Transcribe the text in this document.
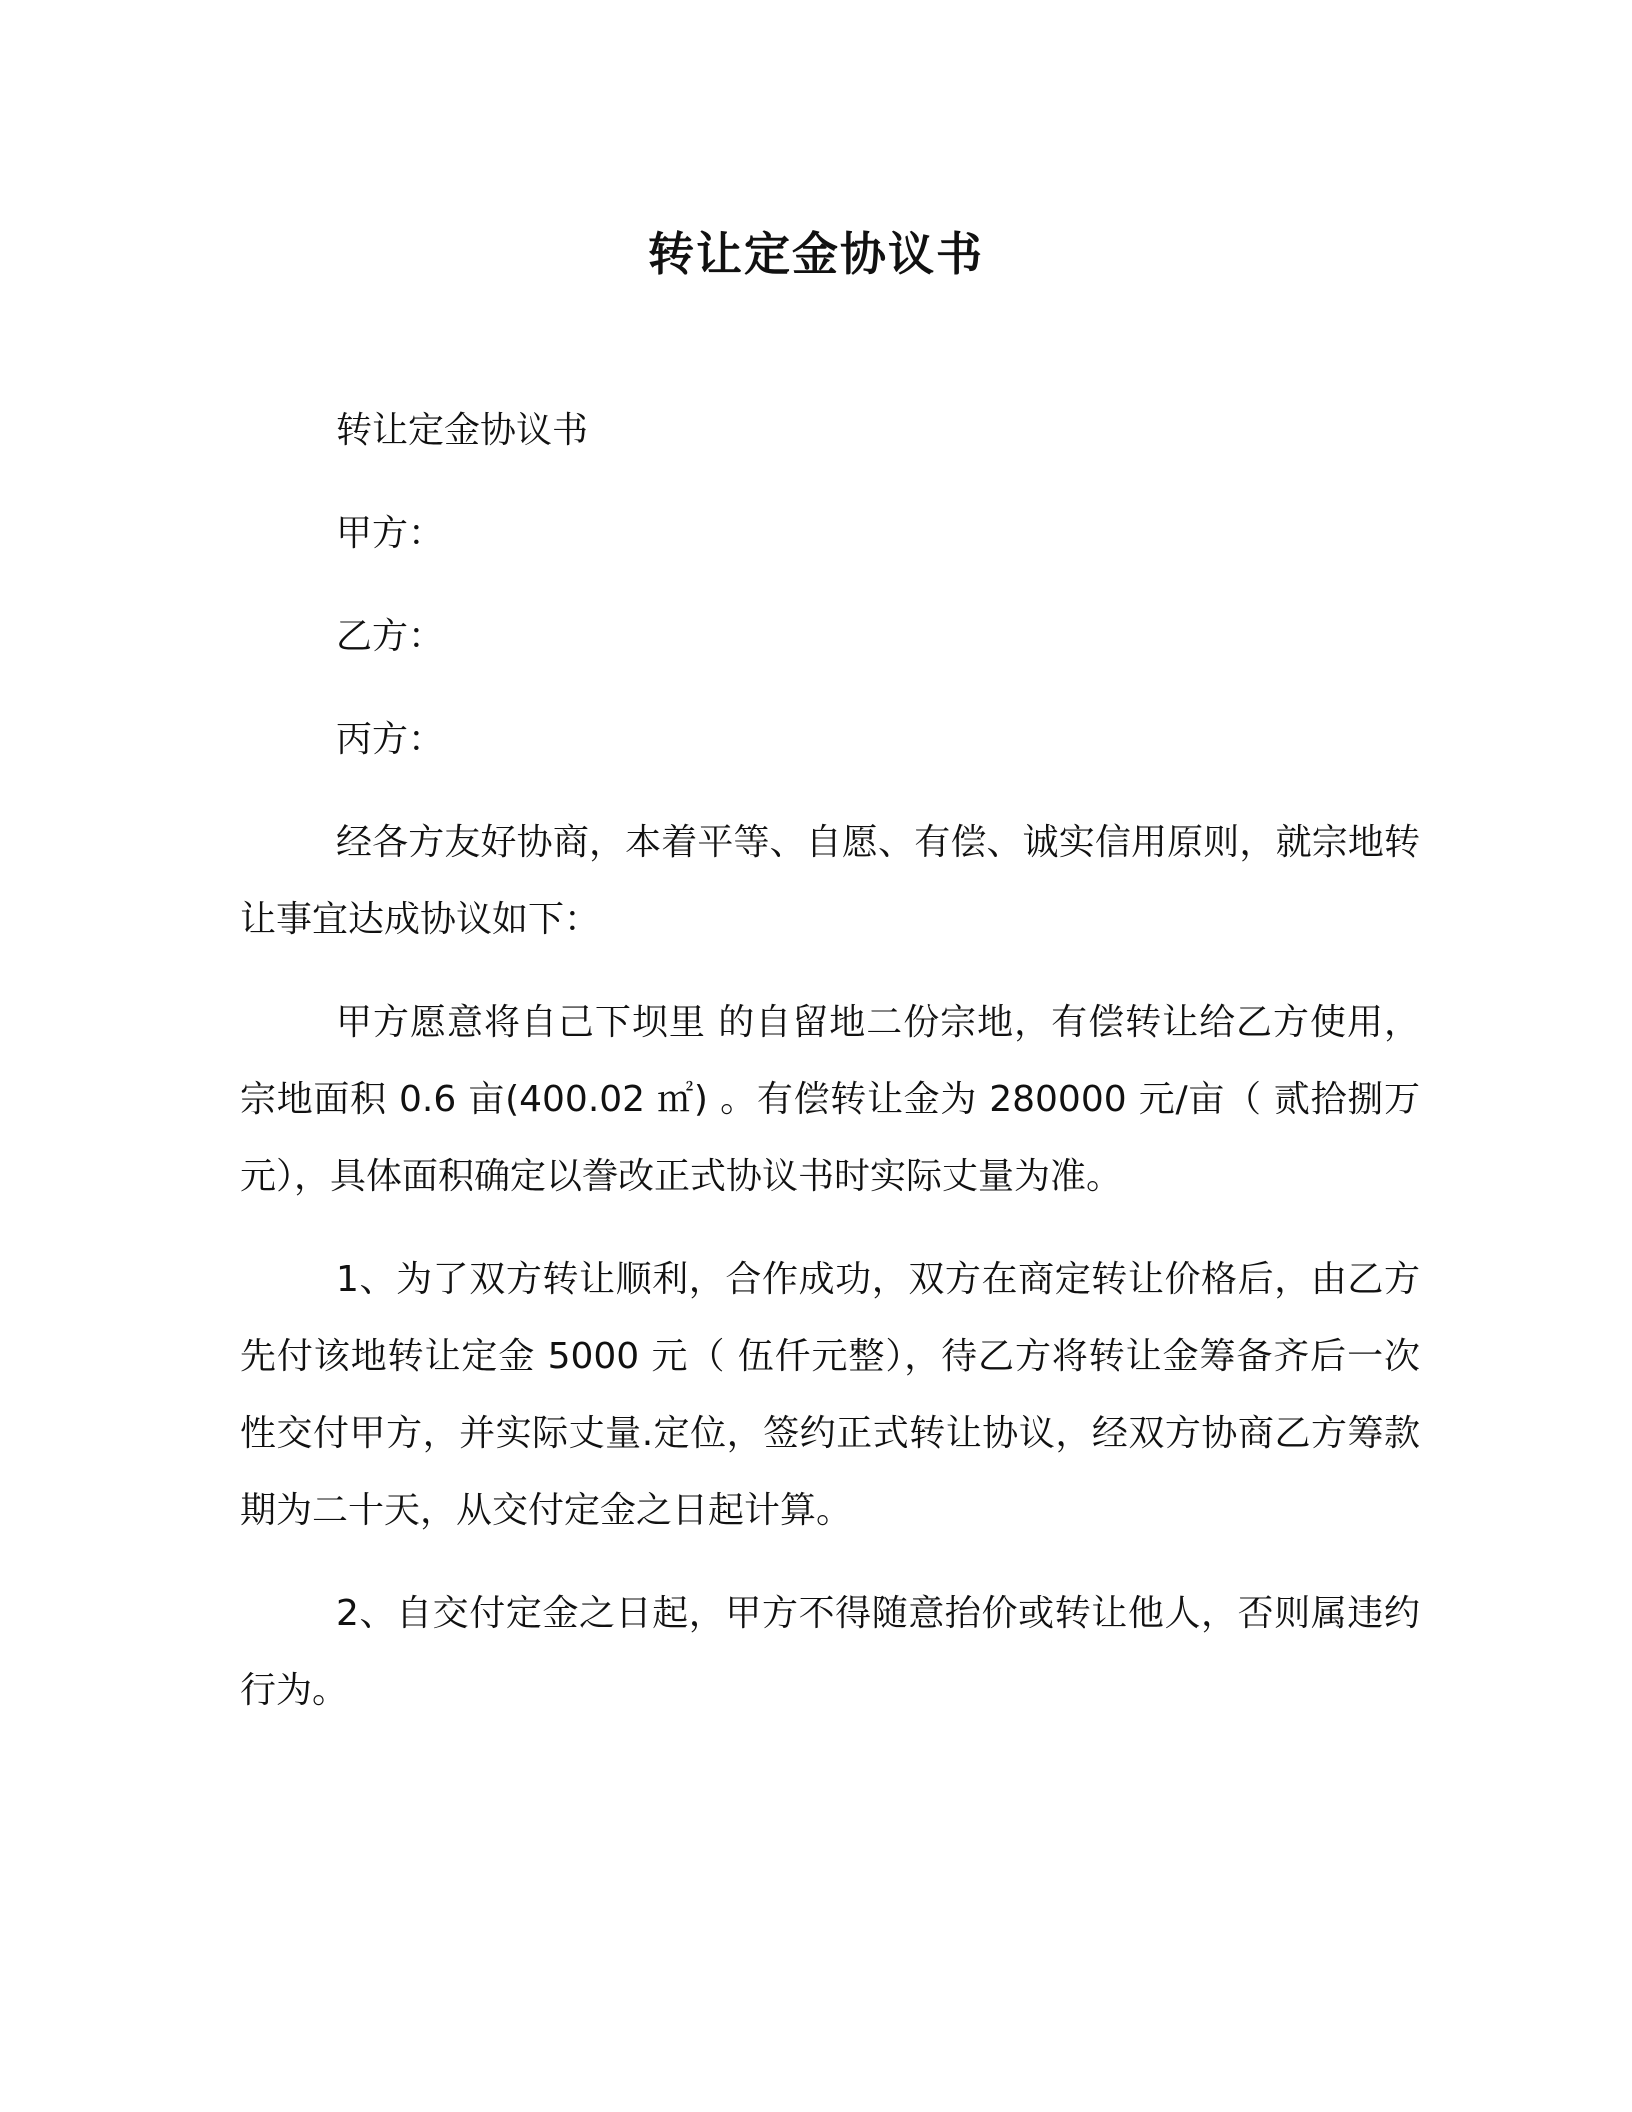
转让定金协议书

转让定金协议书

甲方：

乙方：

丙方：

经各方友好协商，本着平等、自愿、有偿、诚实信用原则，就宗地转让事宜达成协议如下：

甲方愿意将自己下坝里 的自留地二份宗地，有偿转让给乙方使用，宗地面积 0.6 亩(400.02 ㎡) 。有偿转让金为 280000 元/亩（ 贰拾捌万元），具体面积确定以誊改正式协议书时实际丈量为准。

1、为了双方转让顺利，合作成功，双方在商定转让价格后，由乙方先付该地转让定金 5000 元（ 伍仟元整），待乙方将转让金筹备齐后一次性交付甲方，并实际丈量.定位，签约正式转让协议，经双方协商乙方筹款期为二十天，从交付定金之日起计算。

2、自交付定金之日起，甲方不得随意抬价或转让他人，否则属违约行为。
